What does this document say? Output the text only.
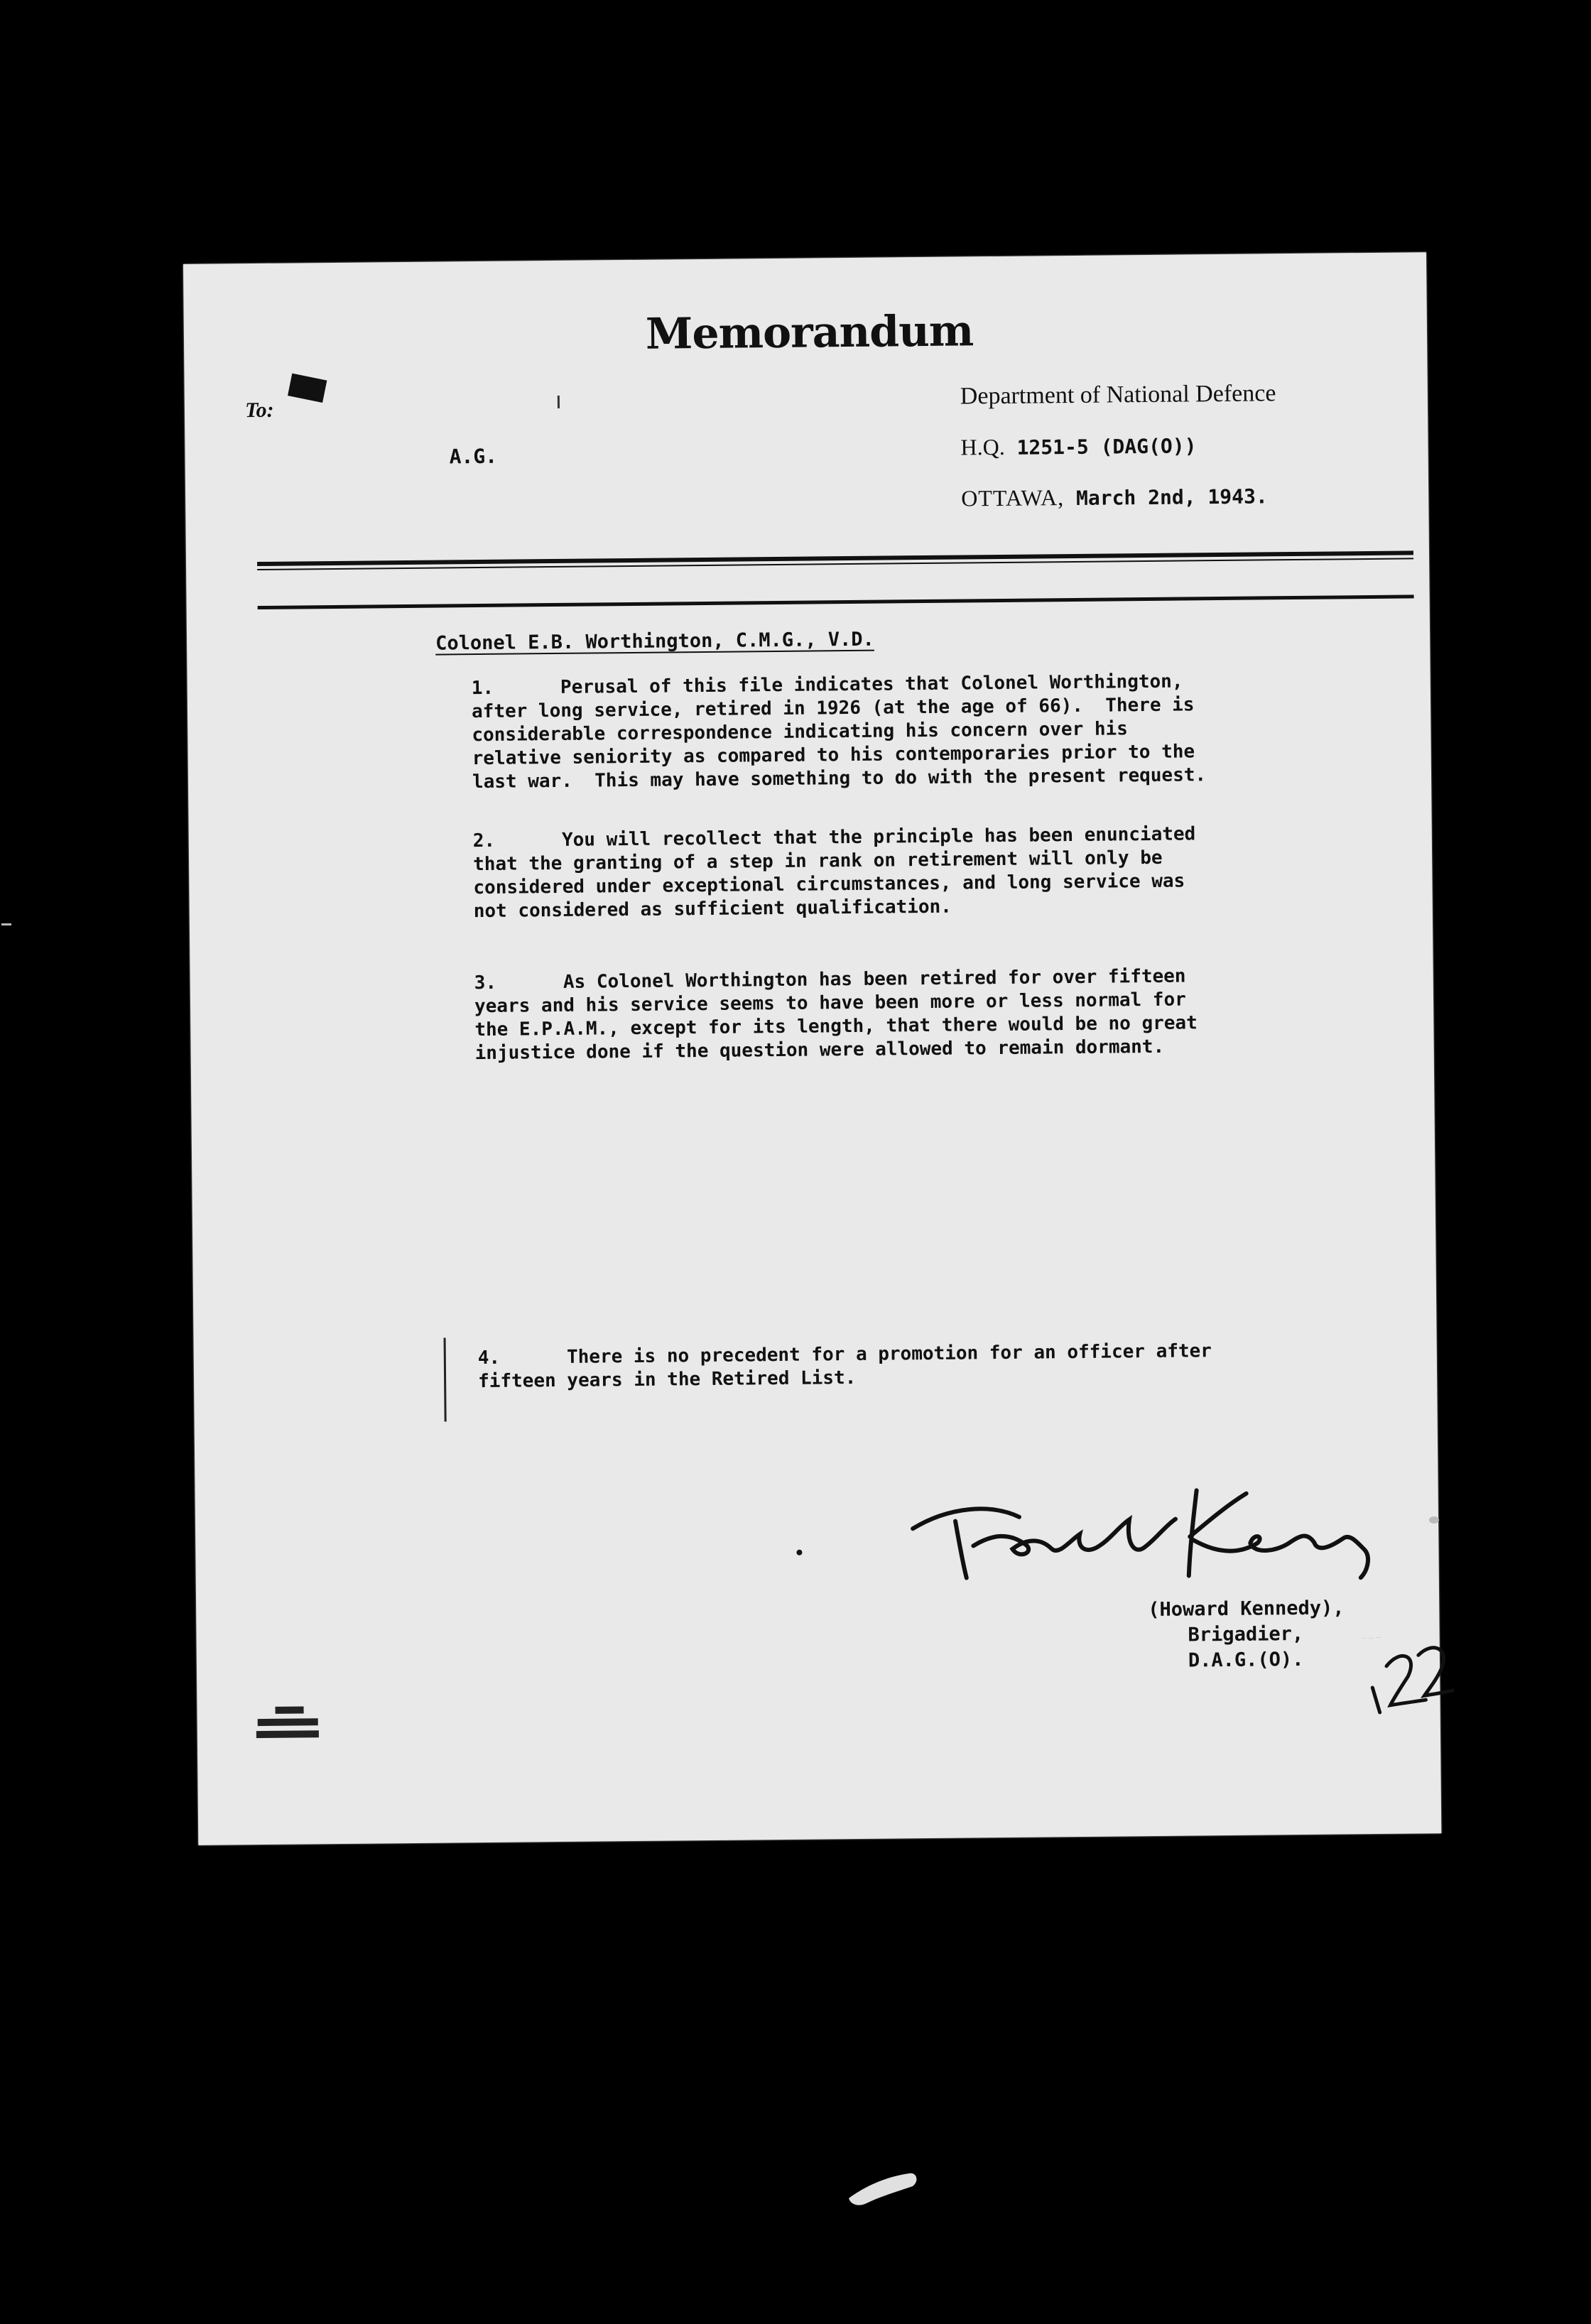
Memorandum
To:
A.G.
Department of National Defence
H.Q. 1251-5 (DAG(O))
OTTAWA, March 2nd, 1943.
Colonel E.B. Worthington, C.M.G., V.D.
1.      Perusal of this file indicates that Colonel Worthington,
after long service, retired in 1926 (at the age of 66).  There is
considerable correspondence indicating his concern over his
relative seniority as compared to his contemporaries prior to the
last war.  This may have something to do with the present request.
2.      You will recollect that the principle has been enunciated
that the granting of a step in rank on retirement will only be
considered under exceptional circumstances, and long service was
not considered as sufficient qualification.
3.      As Colonel Worthington has been retired for over fifteen
years and his service seems to have been more or less normal for
the E.P.A.M., except for its length, that there would be no great
injustice done if the question were allowed to remain dormant.
4.      There is no precedent for a promotion for an officer after
fifteen years in the Retired List.
(Howard Kennedy),
Brigadier,
D.A.G.(O).
